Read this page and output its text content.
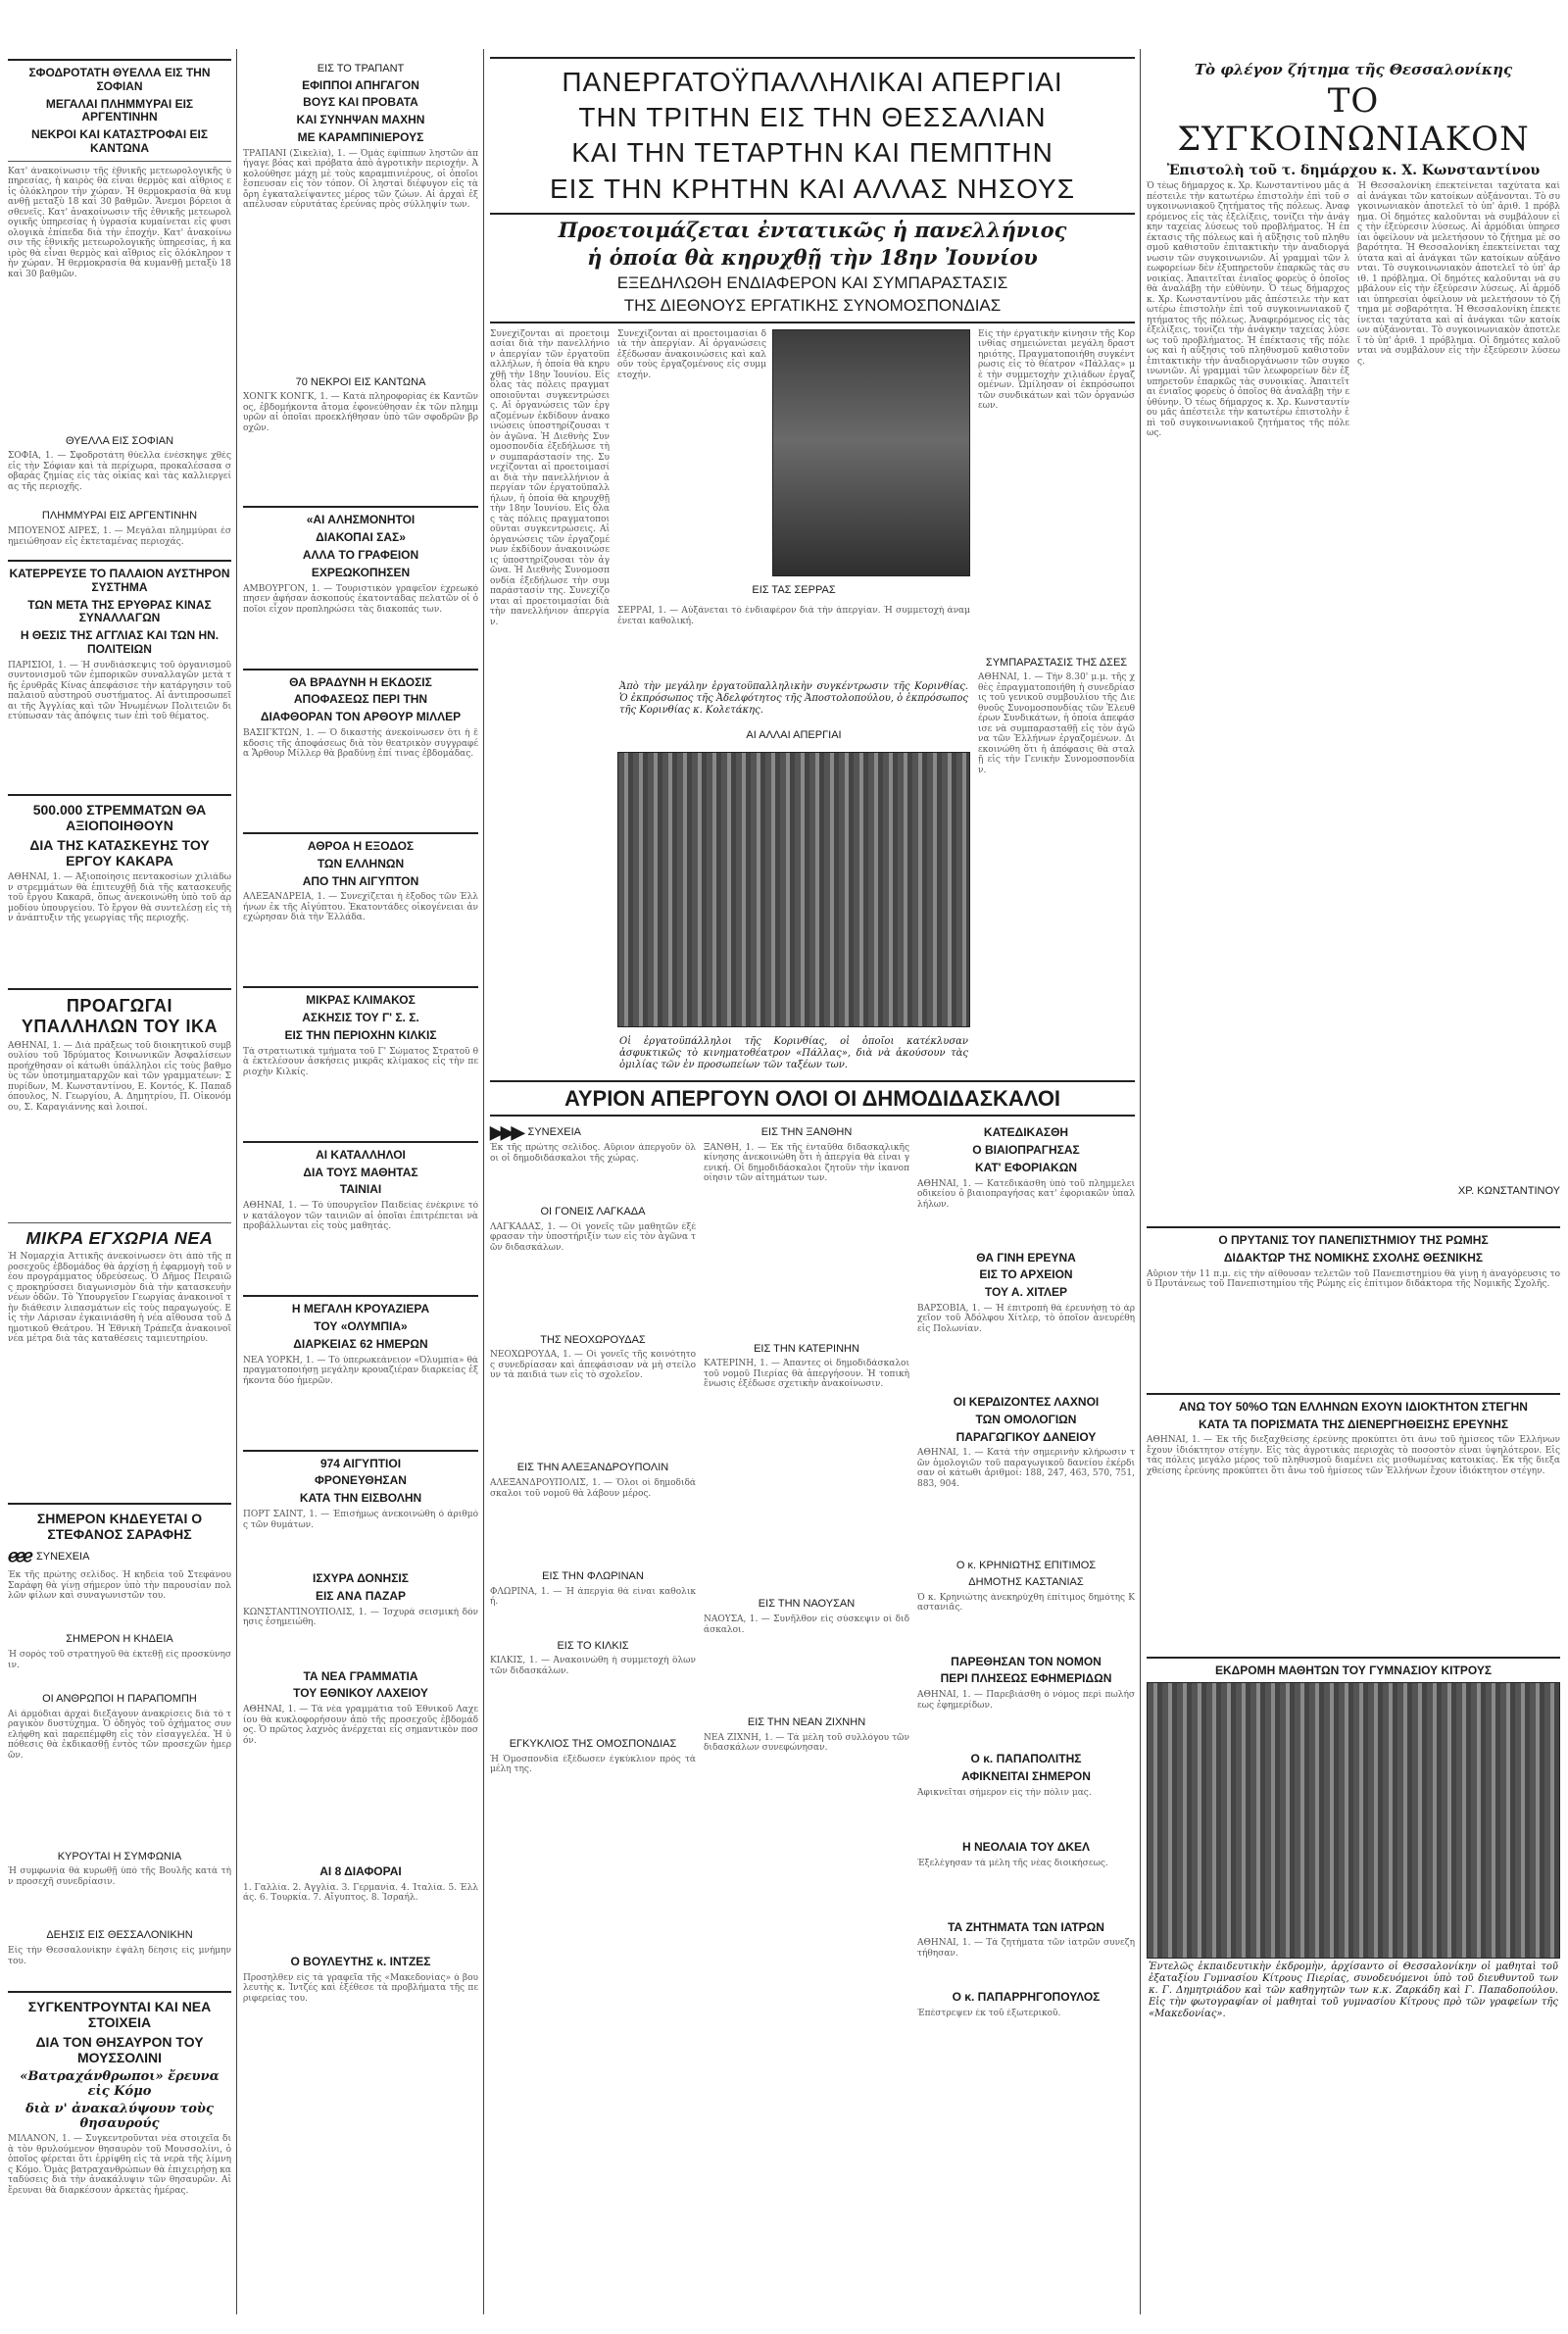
ΣΦΟΔΡΟΤΑΤΗ ΘΥΕΛΛΑ ΕΙΣ ΤΗΝ ΣΟΦΙΑΝ
ΜΕΓΑΛΑΙ ΠΛΗΜΜΥΡΑΙ ΕΙΣ ΑΡΓΕΝΤΙΝΗΝ
ΝΕΚΡΟΙ ΚΑΙ ΚΑΤΑΣΤΡΟΦΑΙ ΕΙΣ ΚΑΝΤΩΝΑ
Κατ' ἀνακοίνωσιν τῆς ἐθνικῆς μετεωρολογικῆς ὑπηρεσίας, ἡ καιρὸς θὰ εἶναι θερμὸς καὶ αἴθριος εἰς ὁλόκληρον τὴν χώραν. Ἡ θερμοκρασία θὰ κυμανθῇ μεταξὺ 18 καὶ 30 βαθμῶν. Ἄνεμοι βόρειοι ἀσθενεῖς. Κατ' ἀνακοίνωσιν τῆς ἐθνικῆς μετεωρολογικῆς ὑπηρεσίας ἡ ὑγρασία κυμαίνεται εἰς φυσιολογικὰ ἐπίπεδα διὰ τὴν ἐποχήν. Κατ' ἀνακοίνωσιν τῆς ἐθνικῆς μετεωρολογικῆς ὑπηρεσίας, ἡ καιρὸς θὰ εἶναι θερμὸς καὶ αἴθριος εἰς ὁλόκληρον τὴν χώραν. Ἡ θερμοκρασία θὰ κυμανθῇ μεταξὺ 18 καὶ 30 βαθμῶν.
ΘΥΕΛΛΑ ΕΙΣ ΣΟΦΙΑΝ
ΣΟΦΙΑ, 1. — Σφοδροτάτη θύελλα ἐνέσκηψε χθὲς εἰς τὴν Σόφιαν καὶ τὰ περίχωρα, προκαλέσασα σοβαρὰς ζημίας εἰς τὰς οἰκίας καὶ τὰς καλλιεργείας τῆς περιοχῆς.
ΠΛΗΜΜΥΡΑΙ ΕΙΣ ΑΡΓΕΝΤΙΝΗΝ
ΜΠΟΥΕΝΟΣ ΑΙΡΕΣ, 1. — Μεγάλαι πλημμύραι ἐσημειώθησαν εἰς ἐκτεταμένας περιοχάς.
ΚΑΤΕΡΡΕΥΣΕ ΤΟ ΠΑΛΑΙΟΝ ΑΥΣΤΗΡΟΝ ΣΥΣΤΗΜΑ
ΤΩΝ ΜΕΤΑ ΤΗΣ ΕΡΥΘΡΑΣ ΚΙΝΑΣ ΣΥΝΑΛΛΑΓΩΝ
Η ΘΕΣΙΣ ΤΗΣ ΑΓΓΛΙΑΣ ΚΑΙ ΤΩΝ ΗΝ. ΠΟΛΙΤΕΙΩΝ
ΠΑΡΙΣΙΟΙ, 1. — Ἡ συνδιάσκεψις τοῦ ὀργανισμοῦ συντονισμοῦ τῶν ἐμπορικῶν συναλλαγῶν μετὰ τῆς ἐρυθρᾶς Κίνας ἀπεφάσισε τὴν κατάργησιν τοῦ παλαιοῦ αὐστηροῦ συστήματος. Αἱ ἀντιπροσωπεῖαι τῆς Ἀγγλίας καὶ τῶν Ἡνωμένων Πολιτειῶν διετύπωσαν τὰς ἀπόψεις των ἐπὶ τοῦ θέματος.
500.000 ΣΤΡΕΜΜΑΤΩΝ ΘΑ ΑΞΙΟΠΟΙΗΘΟΥΝ
ΔΙΑ ΤΗΣ ΚΑΤΑΣΚΕΥΗΣ ΤΟΥ ΕΡΓΟΥ ΚΑΚΑΡΑ
ΑΘΗΝΑΙ, 1. — Ἀξιοποίησις πεντακοσίων χιλιάδων στρεμμάτων θὰ ἐπιτευχθῇ διὰ τῆς κατασκευῆς τοῦ ἔργου Κακαρᾶ, ὅπως ἀνεκοινώθη ὑπὸ τοῦ ἁρμοδίου ὑπουργείου. Τὸ ἔργον θὰ συντελέσῃ εἰς τὴν ἀνάπτυξιν τῆς γεωργίας τῆς περιοχῆς.
ΠΡΟΑΓΩΓΑΙ ΥΠΑΛΛΗΛΩΝ ΤΟΥ ΙΚΑ
ΑΘΗΝΑΙ, 1. — Διὰ πράξεως τοῦ διοικητικοῦ συμβουλίου τοῦ Ἱδρύματος Κοινωνικῶν Ἀσφαλίσεων προήχθησαν οἱ κάτωθι ὑπάλληλοι εἰς τοὺς βαθμοὺς τῶν ὑποτμηματαρχῶν καὶ τῶν γραμματέων: Σπυρίδων, Μ. Κωνσταντίνου, Ε. Κοντός, Κ. Παπαδόπουλος, Ν. Γεωργίου, Α. Δημητρίου, Π. Οἰκονόμου, Σ. Καραγιάννης καὶ λοιποί.
ΜΙΚΡΑ ΕΓΧΩΡΙΑ ΝΕΑ
Ἡ Νομαρχία Ἀττικῆς ἀνεκοίνωσεν ὅτι ἀπὸ τῆς προσεχοῦς ἑβδομάδος θὰ ἀρχίσῃ ἡ ἐφαρμογὴ τοῦ νέου προγράμματος ὑδρεύσεως. Ὁ Δῆμος Πειραιῶς προκηρύσσει διαγωνισμὸν διὰ τὴν κατασκευὴν νέων ὁδῶν. Τὸ Ὑπουργεῖον Γεωργίας ἀνακοινοῖ τὴν διάθεσιν λιπασμάτων εἰς τοὺς παραγωγούς. Εἰς τὴν Λάρισαν ἐγκαινιάσθη ἡ νέα αἴθουσα τοῦ Δημοτικοῦ Θεάτρου. Ἡ Ἐθνικὴ Τράπεζα ἀνακοινοῖ νέα μέτρα διὰ τὰς καταθέσεις ταμιευτηρίου.
ΣΗΜΕΡΟΝ ΚΗΔΕΥΕΤΑΙ Ο ΣΤΕΦΑΝΟΣ ΣΑΡΑΦΗΣ
ℯℯℯ ΣΥΝΕΧΕΙΑ
Ἐκ τῆς πρώτης σελίδος. Ἡ κηδεία τοῦ Στεφάνου Σαράφη θὰ γίνῃ σήμερον ὑπὸ τὴν παρουσίαν πολλῶν φίλων καὶ συναγωνιστῶν του.
ΣΗΜΕΡΟΝ Η ΚΗΔΕΙΑ
Ἡ σορὸς τοῦ στρατηγοῦ θὰ ἐκτεθῇ εἰς προσκύνησιν.
ΟΙ ΑΝΘΡΩΠΟΙ Η ΠΑΡΑΠΟΜΠΗ
Αἱ ἀρμόδιαι ἀρχαὶ διεξάγουν ἀνακρίσεις διὰ τὸ τραγικὸν δυστύχημα. Ὁ ὁδηγὸς τοῦ ὀχήματος συνελήφθη καὶ παρεπέμφθη εἰς τὸν εἰσαγγελέα. Ἡ ὑπόθεσις θὰ ἐκδικασθῇ ἐντὸς τῶν προσεχῶν ἡμερῶν.
ΚΥΡΟΥΤΑΙ Η ΣΥΜΦΩΝΙΑ
Ἡ συμφωνία θὰ κυρωθῇ ὑπὸ τῆς Βουλῆς κατὰ τὴν προσεχῆ συνεδρίασιν.
ΔΕΗΣΙΣ ΕΙΣ ΘΕΣΣΑΛΟΝΙΚΗΝ
Εἰς τὴν Θεσσαλονίκην ἐψάλη δέησις εἰς μνήμην του.
ΣΥΓΚΕΝΤΡΟΥΝΤΑΙ ΚΑΙ ΝΕΑ ΣΤΟΙΧΕΙΑ
ΔΙΑ ΤΟΝ ΘΗΣΑΥΡΟΝ ΤΟΥ ΜΟΥΣΣΟΛΙΝΙ
«Βατραχάνθρωποι» ἔρευνα εἰς Κόμο
διὰ ν' ἀνακαλύψουν τοὺς θησαυρούς
ΜΙΛΑΝΟΝ, 1. — Συγκεντροῦνται νέα στοιχεῖα διὰ τὸν θρυλούμενον θησαυρὸν τοῦ Μουσσολίνι, ὁ ὁποῖος φέρεται ὅτι ἐρρίφθη εἰς τὰ νερὰ τῆς λίμνης Κόμο. Ὁμὰς βατραχανθρώπων θὰ ἐπιχειρήσῃ καταδύσεις διὰ τὴν ἀνακάλυψιν τῶν θησαυρῶν. Αἱ ἔρευναι θὰ διαρκέσουν ἀρκετὰς ἡμέρας.
ΕΙΣ ΤΟ ΤΡΑΠΑΝΤ
ΕΦΙΠΠΟΙ ΑΠΗΓΑΓΟΝ
ΒΟΥΣ ΚΑΙ ΠΡΟΒΑΤΑ
ΚΑΙ ΣΥΝΗΨΑΝ ΜΑΧΗΝ
ΜΕ ΚΑΡΑΜΠΙΝΙΕΡΟΥΣ
ΤΡΑΠΑΝΙ (Σικελία), 1. — Ὁμὰς ἐφίππων ληστῶν ἀπήγαγε βόας καὶ πρόβατα ἀπὸ ἀγροτικὴν περιοχήν. Ἀκολούθησε μάχη μὲ τοὺς καραμπινιέρους, οἱ ὁποῖοι ἔσπευσαν εἰς τὸν τόπον. Οἱ λησταὶ διέφυγον εἰς τὰ ὄρη ἐγκαταλείψαντες μέρος τῶν ζώων. Αἱ ἀρχαὶ ἐξαπέλυσαν εὐρυτάτας ἐρεύνας πρὸς σύλληψίν των.
70 ΝΕΚΡΟΙ ΕΙΣ ΚΑΝΤΩΝΑ
ΧΟΝΓΚ ΚΟΝΓΚ, 1. — Κατὰ πληροφορίας ἐκ Καντῶνος, ἑβδομήκοντα ἄτομα ἐφονεύθησαν ἐκ τῶν πλημμυρῶν αἱ ὁποῖαι προεκλήθησαν ὑπὸ τῶν σφοδρῶν βροχῶν.
«ΑΙ ΑΛΗΣΜΟΝΗΤΟΙ
ΔΙΑΚΟΠΑΙ ΣΑΣ»
ΑΛΛΑ ΤΟ ΓΡΑΦΕΙΟΝ
ΕΧΡΕΩΚΟΠΗΣΕΝ
ΑΜΒΟΥΡΓΟΝ, 1. — Τουριστικὸν γραφεῖον ἐχρεωκόπησεν ἀφήσαν ἀσκοπούς ἑκατοντάδας πελατῶν οἱ ὁποῖοι εἶχον προπληρώσει τὰς διακοπάς των.
ΘΑ ΒΡΑΔΥΝΗ Η ΕΚΔΟΣΙΣ
ΑΠΟΦΑΣΕΩΣ ΠΕΡΙ ΤΗΝ
ΔΙΑΦΘΟΡΑΝ ΤΟΝ ΑΡΘΟΥΡ ΜΙΛΛΕΡ
ΒΑΣΙΓΚΤΩΝ, 1. — Ὁ δικαστὴς ἀνεκοίνωσεν ὅτι ἡ ἔκδοσις τῆς ἀποφάσεως διὰ τὸν θεατρικὸν συγγραφέα Ἄρθουρ Μίλλερ θὰ βραδύνῃ ἐπί τινας ἑβδομάδας.
ΑΘΡΟΑ Η ΕΞΟΔΟΣ
ΤΩΝ ΕΛΛΗΝΩΝ
ΑΠΟ ΤΗΝ ΑΙΓΥΠΤΟΝ
ΑΛΕΞΑΝΔΡΕΙΑ, 1. — Συνεχίζεται ἡ ἔξοδος τῶν Ἑλλήνων ἐκ τῆς Αἰγύπτου. Ἑκατοντάδες οἰκογένειαι ἀνεχώρησαν διὰ τὴν Ἑλλάδα.
ΜΙΚΡΑΣ ΚΛΙΜΑΚΟΣ
ΑΣΚΗΣΙΣ ΤΟΥ Γ' Σ. Σ.
ΕΙΣ ΤΗΝ ΠΕΡΙΟΧΗΝ ΚΙΛΚΙΣ
Τὰ στρατιωτικὰ τμήματα τοῦ Γ' Σώματος Στρατοῦ θὰ ἐκτελέσουν ἀσκήσεις μικρᾶς κλίμακος εἰς τὴν περιοχὴν Κιλκίς.
ΑΙ ΚΑΤΑΛΛΗΛΟΙ
ΔΙΑ ΤΟΥΣ ΜΑΘΗΤΑΣ
ΤΑΙΝΙΑΙ
ΑΘΗΝΑΙ, 1. — Τὸ ὑπουργεῖον Παιδείας ἐνέκρινε τὸν κατάλογον τῶν ταινιῶν αἱ ὁποῖαι ἐπιτρέπεται νὰ προβάλλωνται εἰς τοὺς μαθητάς.
Η ΜΕΓΑΛΗ ΚΡΟΥΑΖΙΕΡΑ
ΤΟΥ «ΟΛΥΜΠΙΑ»
ΔΙΑΡΚΕΙΑΣ 62 ΗΜΕΡΩΝ
ΝΕΑ ΥΟΡΚΗ, 1. — Τὸ ὑπερωκεάνειον «Ὀλυμπία» θὰ πραγματοποιήσῃ μεγάλην κρουαζιέραν διαρκείας ἑξήκοντα δύο ἡμερῶν.
974 ΑΙΓΥΠΤΙΟΙ
ΦΡΟΝΕΥΘΗΣΑΝ
ΚΑΤΑ ΤΗΝ ΕΙΣΒΟΛΗΝ
ΠΟΡΤ ΣΑΪΝΤ, 1. — Ἐπισήμως ἀνεκοινώθη ὁ ἀριθμὸς τῶν θυμάτων.
ΙΣΧΥΡΑ ΔΟΝΗΣΙΣ
ΕΙΣ ΑΝΑ ΠΑΖΑΡ
ΚΩΝΣΤΑΝΤΙΝΟΥΠΟΛΙΣ, 1. — Ἰσχυρὰ σεισμικὴ δόνησις ἐσημειώθη.
ΤΑ ΝΕΑ ΓΡΑΜΜΑΤΙΑ
ΤΟΥ ΕΘΝΙΚΟΥ ΛΑΧΕΙΟΥ
ΑΘΗΝΑΙ, 1. — Τὰ νέα γραμμάτια τοῦ Ἐθνικοῦ Λαχείου θὰ κυκλοφορήσουν ἀπὸ τῆς προσεχοῦς ἑβδομάδος. Ὁ πρῶτος λαχνὸς ἀνέρχεται εἰς σημαντικὸν ποσόν.
ΑΙ 8 ΔΙΑΦΟΡΑΙ
1. Γαλλία. 2. Ἀγγλία. 3. Γερμανία. 4. Ἰταλία. 5. Ἑλλάς. 6. Τουρκία. 7. Αἴγυπτος. 8. Ἰσραήλ.
Ο ΒΟΥΛΕΥΤΗΣ κ. ΙΝΤΖΕΣ
Προσηλθεν εἰς τὰ γραφεῖα τῆς «Μακεδονίας» ὁ βουλευτὴς κ. Ἰντζές καὶ ἐξέθεσε τὰ προβλήματα τῆς περιφερείας του.
ΠΑΝΕΡΓΑΤΟΫΠΑΛΛΗΛΙΚΑΙ ΑΠΕΡΓΙΑΙ
ΤΗΝ ΤΡΙΤΗΝ ΕΙΣ ΤΗΝ ΘΕΣΣΑΛΙΑΝ
ΚΑΙ ΤΗΝ ΤΕΤΑΡΤΗΝ ΚΑΙ ΠΕΜΠΤΗΝ
ΕΙΣ ΤΗΝ ΚΡΗΤΗΝ ΚΑΙ ΑΛΛΑΣ ΝΗΣΟΥΣ
Προετοιμάζεται ἐντατικῶς ἡ πανελλήνιος
ἡ ὁποία θὰ κηρυχθῇ τὴν 18ην Ἰουνίου
ΕΞΕΔΗΛΩΘΗ ΕΝΔΙΑΦΕΡΟΝ ΚΑΙ ΣΥΜΠΑΡΑΣΤΑΣΙΣ
ΤΗΣ ΔΙΕΘΝΟΥΣ ΕΡΓΑΤΙΚΗΣ ΣΥΝΟΜΟΣΠΟΝΔΙΑΣ
Συνεχίζονται αἱ προετοιμασίαι διὰ τὴν πανελλήνιον ἀπεργίαν τῶν ἐργατοϋπαλλήλων, ἡ ὁποία θὰ κηρυχθῇ τὴν 18ην Ἰουνίου. Εἰς ὅλας τὰς πόλεις πραγματοποιοῦνται συγκεντρώσεις. Αἱ ὀργανώσεις τῶν ἐργαζομένων ἐκδίδουν ἀνακοινώσεις ὑποστηρίζουσαι τὸν ἀγῶνα. Ἡ Διεθνὴς Συνομοσπονδία ἐξεδήλωσε τὴν συμπαράστασίν της. Συνεχίζονται αἱ προετοιμασίαι διὰ τὴν πανελλήνιον ἀπεργίαν τῶν ἐργατοϋπαλλήλων, ἡ ὁποία θὰ κηρυχθῇ τὴν 18ην Ἰουνίου. Εἰς ὅλας τὰς πόλεις πραγματοποιοῦνται συγκεντρώσεις. Αἱ ὀργανώσεις τῶν ἐργαζομένων ἐκδίδουν ἀνακοινώσεις ὑποστηρίζουσαι τὸν ἀγῶνα. Ἡ Διεθνὴς Συνομοσπονδία ἐξεδήλωσε τὴν συμπαράστασίν της. Συνεχίζονται αἱ προετοιμασίαι διὰ τὴν πανελλήνιον ἀπεργίαν.
Συνεχίζονται αἱ προετοιμασίαι διὰ τὴν ἀπεργίαν. Αἱ ὀργανώσεις ἐξέδωσαν ἀνακοινώσεις καὶ καλοῦν τοὺς ἐργαζομένους εἰς συμμετοχήν.
ΕΙΣ ΤΑΣ ΣΕΡΡΑΣ
ΣΕΡΡΑΙ, 1. — Αὐξάνεται τὸ ἐνδιαφέρον διὰ τὴν ἀπεργίαν. Ἡ συμμετοχὴ ἀναμένεται καθολική.
Ἀπὸ τὴν μεγάλην ἐργατοϋπαλληλικὴν συγκέντρωσιν τῆς Κορινθίας. Ὁ ἐκπρόσωπος τῆς Ἀδελφότητος τῆς Ἀποστολοπούλου, ὁ ἐκπρόσωπος τῆς Κορινθίας κ. Κολετάκης.
ΑΙ ΑΛΛΑΙ ΑΠΕΡΓΙΑΙ
Οἱ ἐργατοϋπάλληλοι τῆς Κορινθίας, οἱ ὁποῖοι κατέκλυσαν ἀσφυκτικῶς τὸ κινηματοθέατρον «Πάλλας», διὰ νὰ ἀκούσουν τὰς ὁμιλίας τῶν ἐν προσωπείων τῶν ταξέων των.
Εἰς τὴν ἐργατικὴν κίνησιν τῆς Κορινθίας σημειώνεται μεγάλη δραστηριότης. Πραγματοποιήθη συγκέντρωσις εἰς τὸ θέατρον «Πάλλας» μὲ τὴν συμμετοχὴν χιλιάδων ἐργαζομένων. Ὡμίλησαν οἱ ἐκπρόσωποι τῶν συνδικάτων καὶ τῶν ὀργανώσεων.
ΣΥΜΠΑΡΑΣΤΑΣΙΣ ΤΗΣ ΔΣΕΣ
ΑΘΗΝΑΙ, 1. — Τὴν 8.30' μ.μ. τῆς χθὲς ἐπραγματοποιήθη ἡ συνεδρίασις τοῦ γενικοῦ συμβουλίου τῆς Διεθνοῦς Συνομοσπονδίας τῶν Ἐλευθέρων Συνδικάτων, ἡ ὁποία ἀπεφάσισε νὰ συμπαρασταθῇ εἰς τὸν ἀγῶνα τῶν Ἑλλήνων ἐργαζομένων. Διεκοινώθη ὅτι ἡ ἀπόφασις θὰ σταλῇ εἰς τὴν Γενικὴν Συνομοσπονδίαν.
ΑΥΡΙΟΝ ΑΠΕΡΓΟΥΝ ΟΛΟΙ ΟΙ ΔΗΜΟΔΙΔΑΣΚΑΛΟΙ
▶▶▶ ΣΥΝΕΧΕΙΑ
Ἐκ τῆς πρώτης σελίδος. Αὔριον ἀπεργοῦν ὅλοι οἱ δημοδιδάσκαλοι τῆς χώρας.
ΟΙ ΓΟΝΕΙΣ ΛΑΓΚΑΔΑ
ΛΑΓΚΑΔΑΣ, 1. — Οἱ γονεῖς τῶν μαθητῶν ἐξέφρασαν τὴν ὑποστήριξίν των εἰς τὸν ἀγῶνα τῶν διδασκάλων.
ΤΗΣ ΝΕΟΧΩΡΟΥΔΑΣ
ΝΕΟΧΩΡΟΥΔΑ, 1. — Οἱ γονεῖς τῆς κοινότητος συνεδρίασαν καὶ ἀπεφάσισαν νὰ μὴ στείλουν τὰ παιδιά των εἰς τὸ σχολεῖον.
ΕΙΣ ΤΗΝ ΑΛΕΞΑΝΔΡΟΥΠΟΛΙΝ
ΑΛΕΞΑΝΔΡΟΥΠΟΛΙΣ, 1. — Ὅλοι οἱ δημοδιδάσκαλοι τοῦ νομοῦ θὰ λάβουν μέρος.
ΕΙΣ ΤΗΝ ΦΛΩΡΙΝΑΝ
ΦΛΩΡΙΝΑ, 1. — Ἡ ἀπεργία θὰ εἶναι καθολική.
ΕΙΣ ΤΟ ΚΙΛΚΙΣ
ΚΙΛΚΙΣ, 1. — Ἀνακοινώθη ἡ συμμετοχὴ ὅλων τῶν διδασκάλων.
ΕΓΚΥΚΛΙΟΣ ΤΗΣ ΟΜΟΣΠΟΝΔΙΑΣ
Ἡ Ὁμοσπονδία ἐξέδωσεν ἐγκύκλιον πρὸς τὰ μέλη της.
ΕΙΣ ΤΗΝ ΞΑΝΘΗΝ
ΞΑΝΘΗ, 1. — Ἐκ τῆς ἐνταῦθα διδασκαλικῆς κίνησης ἀνεκοινώθη ὅτι ἡ ἀπεργία θὰ εἶναι γενική. Οἱ δημοδιδάσκαλοι ζητοῦν τὴν ἱκανοποίησιν τῶν αἰτημάτων των.
ΕΙΣ ΤΗΝ ΚΑΤΕΡΙΝΗΝ
ΚΑΤΕΡΙΝΗ, 1. — Ἀπαντες οἱ δημοδιδάσκαλοι τοῦ νομοῦ Πιερίας θὰ ἀπεργήσουν. Ἡ τοπικὴ ἕνωσις ἐξέδωσε σχετικὴν ἀνακοίνωσιν.
ΕΙΣ ΤΗΝ ΝΑΟΥΣΑΝ
ΝΑΟΥΣΑ, 1. — Συνῆλθον εἰς σύσκεψιν οἱ διδάσκαλοι.
ΕΙΣ ΤΗΝ ΝΕΑΝ ΖΙΧΝΗΝ
ΝΕΑ ΖΙΧΝΗ, 1. — Τὰ μέλη τοῦ συλλόγου τῶν διδασκάλων συνεφώνησαν.
ΚΑΤΕΔΙΚΑΣΘΗ
Ο ΒΙΑΙΟΠΡΑΓΗΣΑΣ
ΚΑΤ' ΕΦΟΡΙΑΚΩΝ
ΑΘΗΝΑΙ, 1. — Κατεδικάσθη ὑπὸ τοῦ πλημμελειοδικείου ὁ βιαιοπραγήσας κατ' ἐφοριακῶν ὑπαλλήλων.
ΘΑ ΓΙΝΗ ΕΡΕΥΝΑ
ΕΙΣ ΤΟ ΑΡΧΕΙΟΝ
ΤΟΥ Α. ΧΙΤΛΕΡ
ΒΑΡΣΟΒΙΑ, 1. — Ἡ ἐπιτροπὴ θὰ ἐρευνήσῃ τὸ ἀρχεῖον τοῦ Ἀδόλφου Χίτλερ, τὸ ὁποῖον ἀνευρέθη εἰς Πολωνίαν.
ΟΙ ΚΕΡΔΙΖΟΝΤΕΣ ΛΑΧΝΟΙ
ΤΩΝ ΟΜΟΛΟΓΙΩΝ
ΠΑΡΑΓΩΓΙΚΟΥ ΔΑΝΕΙΟΥ
ΑΘΗΝΑΙ, 1. — Κατὰ τὴν σημερινὴν κλήρωσιν τῶν ὁμολογιῶν τοῦ παραγωγικοῦ δανείου ἐκέρδισαν οἱ κάτωθι ἀριθμοί: 188, 247, 463, 570, 751, 883, 904.
Ο κ. ΚΡΗΝΙΩΤΗΣ ΕΠΙΤΙΜΟΣ
ΔΗΜΟΤΗΣ ΚΑΣΤΑΝΙΑΣ
Ὁ κ. Κρηνιώτης ἀνεκηρύχθη ἐπίτιμος δημότης Καστανιᾶς.
ΠΑΡΕΘΗΣΑΝ ΤΟΝ ΝΟΜΟΝ
ΠΕΡΙ ΠΛΗΣΕΩΣ ΕΦΗΜΕΡΙΔΩΝ
ΑΘΗΝΑΙ, 1. — Παρεβιάσθη ὁ νόμος περὶ πωλήσεως ἐφημερίδων.
Ο κ. ΠΑΠΑΠΟΛΙΤΗΣ
ΑΦΙΚΝΕΙΤΑΙ ΣΗΜΕΡΟΝ
Ἀφικνεῖται σήμερον εἰς τὴν πόλιν μας.
Η ΝΕΟΛΑΙΑ ΤΟΥ ΔΚΕΛ
Ἐξελέγησαν τὰ μέλη τῆς νέας διοικήσεως.
ΤΑ ΖΗΤΗΜΑΤΑ ΤΩΝ ΙΑΤΡΩΝ
ΑΘΗΝΑΙ, 1. — Τὰ ζητήματα τῶν ἰατρῶν συνεζητήθησαν.
Ο κ. ΠΑΠΑΡΡΗΓΟΠΟΥΛΟΣ
Ἐπέστρεψεν ἐκ τοῦ ἐξωτερικοῦ.
Τὸ φλέγον ζήτημα τῆς Θεσσαλονίκης
ΤΟ ΣΥΓΚΟΙΝΩΝΙΑΚΟΝ
Ἐπιστολὴ τοῦ τ. δημάρχου κ. Χ. Κωνσταντίνου
Ὁ τέως δήμαρχος κ. Χρ. Κωνσταντίνου μᾶς ἀπέστειλε τὴν κατωτέρω ἐπιστολὴν ἐπὶ τοῦ συγκοινωνιακοῦ ζητήματος τῆς πόλεως. Ἀναφερόμενος εἰς τὰς ἐξελίξεις, τονίζει τὴν ἀνάγκην ταχείας λύσεως τοῦ προβλήματος. Ἡ ἐπέκτασις τῆς πόλεως καὶ ἡ αὔξησις τοῦ πληθυσμοῦ καθιστοῦν ἐπιτακτικὴν τὴν ἀναδιοργάνωσιν τῶν συγκοινωνιῶν. Αἱ γραμμαὶ τῶν λεωφορείων δὲν ἐξυπηρετοῦν ἐπαρκῶς τὰς συνοικίας. Ἀπαιτεῖται ἑνιαῖος φορεὺς ὁ ὁποῖος θὰ ἀναλάβῃ τὴν εὐθύνην. Ὁ τέως δήμαρχος κ. Χρ. Κωνσταντίνου μᾶς ἀπέστειλε τὴν κατωτέρω ἐπιστολὴν ἐπὶ τοῦ συγκοινωνιακοῦ ζητήματος τῆς πόλεως. Ἀναφερόμενος εἰς τὰς ἐξελίξεις, τονίζει τὴν ἀνάγκην ταχείας λύσεως τοῦ προβλήματος. Ἡ ἐπέκτασις τῆς πόλεως καὶ ἡ αὔξησις τοῦ πληθυσμοῦ καθιστοῦν ἐπιτακτικὴν τὴν ἀναδιοργάνωσιν τῶν συγκοινωνιῶν. Αἱ γραμμαὶ τῶν λεωφορείων δὲν ἐξυπηρετοῦν ἐπαρκῶς τὰς συνοικίας. Ἀπαιτεῖται ἑνιαῖος φορεὺς ὁ ὁποῖος θὰ ἀναλάβῃ τὴν εὐθύνην. Ὁ τέως δήμαρχος κ. Χρ. Κωνσταντίνου μᾶς ἀπέστειλε τὴν κατωτέρω ἐπιστολὴν ἐπὶ τοῦ συγκοινωνιακοῦ ζητήματος τῆς πόλεως.
Ἡ Θεσσαλονίκη ἐπεκτείνεται ταχύτατα καὶ αἱ ἀνάγκαι τῶν κατοίκων αὐξάνονται. Τὸ συγκοινωνιακὸν ἀποτελεῖ τὸ ὑπ' ἀριθ. 1 πρόβλημα. Οἱ δημότες καλοῦνται νὰ συμβάλουν εἰς τὴν ἐξεύρεσιν λύσεως. Αἱ ἁρμόδιαι ὑπηρεσίαι ὀφείλουν νὰ μελετήσουν τὸ ζήτημα μὲ σοβαρότητα. Ἡ Θεσσαλονίκη ἐπεκτείνεται ταχύτατα καὶ αἱ ἀνάγκαι τῶν κατοίκων αὐξάνονται. Τὸ συγκοινωνιακὸν ἀποτελεῖ τὸ ὑπ' ἀριθ. 1 πρόβλημα. Οἱ δημότες καλοῦνται νὰ συμβάλουν εἰς τὴν ἐξεύρεσιν λύσεως. Αἱ ἁρμόδιαι ὑπηρεσίαι ὀφείλουν νὰ μελετήσουν τὸ ζήτημα μὲ σοβαρότητα. Ἡ Θεσσαλονίκη ἐπεκτείνεται ταχύτατα καὶ αἱ ἀνάγκαι τῶν κατοίκων αὐξάνονται. Τὸ συγκοινωνιακὸν ἀποτελεῖ τὸ ὑπ' ἀριθ. 1 πρόβλημα. Οἱ δημότες καλοῦνται νὰ συμβάλουν εἰς τὴν ἐξεύρεσιν λύσεως.
ΧΡ. ΚΩΝΣΤΑΝΤΙΝΟΥ
Ο ΠΡΥΤΑΝΙΣ ΤΟΥ ΠΑΝΕΠΙΣΤΗΜΙΟΥ ΤΗΣ ΡΩΜΗΣ
ΔΙΔΑΚΤΩΡ ΤΗΣ ΝΟΜΙΚΗΣ ΣΧΟΛΗΣ ΘΕΣΝΙΚΗΣ
Αὔριον τὴν 11 π.μ. εἰς τὴν αἴθουσαν τελετῶν τοῦ Πανεπιστημίου θὰ γίνῃ ἡ ἀναγόρευσις τοῦ Πρυτάνεως τοῦ Πανεπιστημίου τῆς Ρώμης εἰς ἐπίτιμον διδάκτορα τῆς Νομικῆς Σχολῆς.
ΑΝΩ ΤΟΥ 50%Ο ΤΩΝ ΕΛΛΗΝΩΝ ΕΧΟΥΝ ΙΔΙΟΚΤΗΤΟΝ ΣΤΕΓΗΝ
ΚΑΤΑ ΤΑ ΠΟΡΙΣΜΑΤΑ ΤΗΣ ΔΙΕΝΕΡΓΗΘΕΙΣΗΣ ΕΡΕΥΝΗΣ
ΑΘΗΝΑΙ, 1. — Ἐκ τῆς διεξαχθείσης ἐρεύνης προκύπτει ὅτι ἄνω τοῦ ἡμίσεος τῶν Ἑλλήνων ἔχουν ἰδιόκτητον στέγην. Εἰς τὰς ἀγροτικὰς περιοχὰς τὸ ποσοστὸν εἶναι ὑψηλότερον. Εἰς τὰς πόλεις μεγάλο μέρος τοῦ πληθυσμοῦ διαμένει εἰς μισθωμένας κατοικίας. Ἐκ τῆς διεξαχθείσης ἐρεύνης προκύπτει ὅτι ἄνω τοῦ ἡμίσεος τῶν Ἑλλήνων ἔχουν ἰδιόκτητον στέγην.
ΕΚΔΡΟΜΗ ΜΑΘΗΤΩΝ ΤΟΥ ΓΥΜΝΑΣΙΟΥ ΚΙΤΡΟΥΣ
Ἐντελῶς ἐκπαιδευτικὴν ἐκδρομὴν, ἀρχίσαντο οἱ Θεσσαλονίκην οἱ μαθηταὶ τοῦ ἐξαταξίου Γυμνασίου Κίτρους Πιερίας, συνοδευόμενοι ὑπὸ τοῦ διευθυντοῦ των κ. Γ. Δημητριάδου καὶ τῶν καθηγητῶν των κ.κ. Ζαρκάδη καὶ Γ. Παπαδοπούλου. Εἰς τὴν φωτογραφίαν οἱ μαθηταὶ τοῦ γυμνασίου Κίτρους πρὸ τῶν γραφείων τῆς «Μακεδονίας».
